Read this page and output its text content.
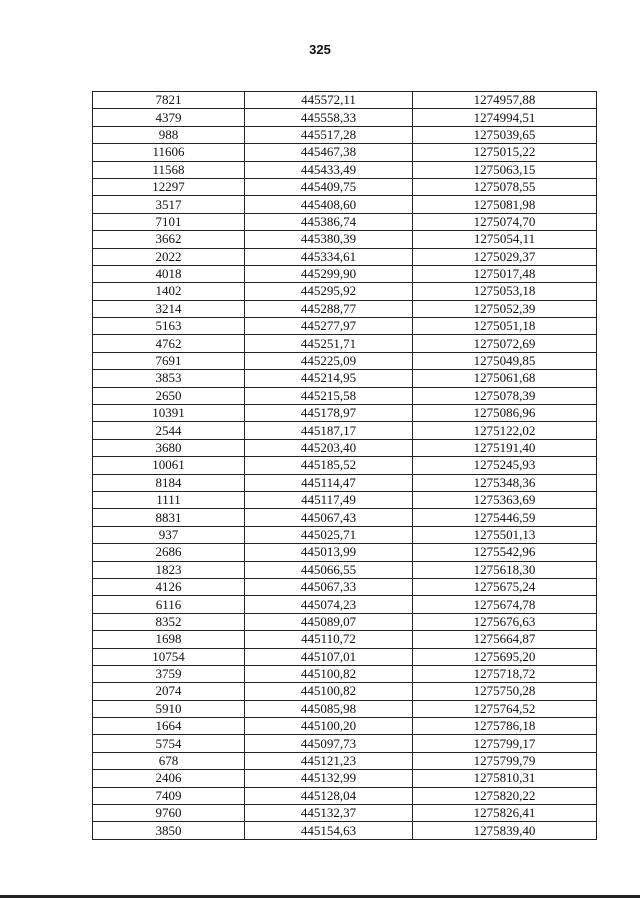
325
7821	445572,11	1274957,88
4379	445558,33	1274994,51
988	445517,28	1275039,65
11606	445467,38	1275015,22
11568	445433,49	1275063,15
12297	445409,75	1275078,55
3517	445408,60	1275081,98
7101	445386,74	1275074,70
3662	445380,39	1275054,11
2022	445334,61	1275029,37
4018	445299,90	1275017,48
1402	445295,92	1275053,18
3214	445288,77	1275052,39
5163	445277,97	1275051,18
4762	445251,71	1275072,69
7691	445225,09	1275049,85
3853	445214,95	1275061,68
2650	445215,58	1275078,39
10391	445178,97	1275086,96
2544	445187,17	1275122,02
3680	445203,40	1275191,40
10061	445185,52	1275245,93
8184	445114,47	1275348,36
1111	445117,49	1275363,69
8831	445067,43	1275446,59
937	445025,71	1275501,13
2686	445013,99	1275542,96
1823	445066,55	1275618,30
4126	445067,33	1275675,24
6116	445074,23	1275674,78
8352	445089,07	1275676,63
1698	445110,72	1275664,87
10754	445107,01	1275695,20
3759	445100,82	1275718,72
2074	445100,82	1275750,28
5910	445085,98	1275764,52
1664	445100,20	1275786,18
5754	445097,73	1275799,17
678	445121,23	1275799,79
2406	445132,99	1275810,31
7409	445128,04	1275820,22
9760	445132,37	1275826,41
3850	445154,63	1275839,40
